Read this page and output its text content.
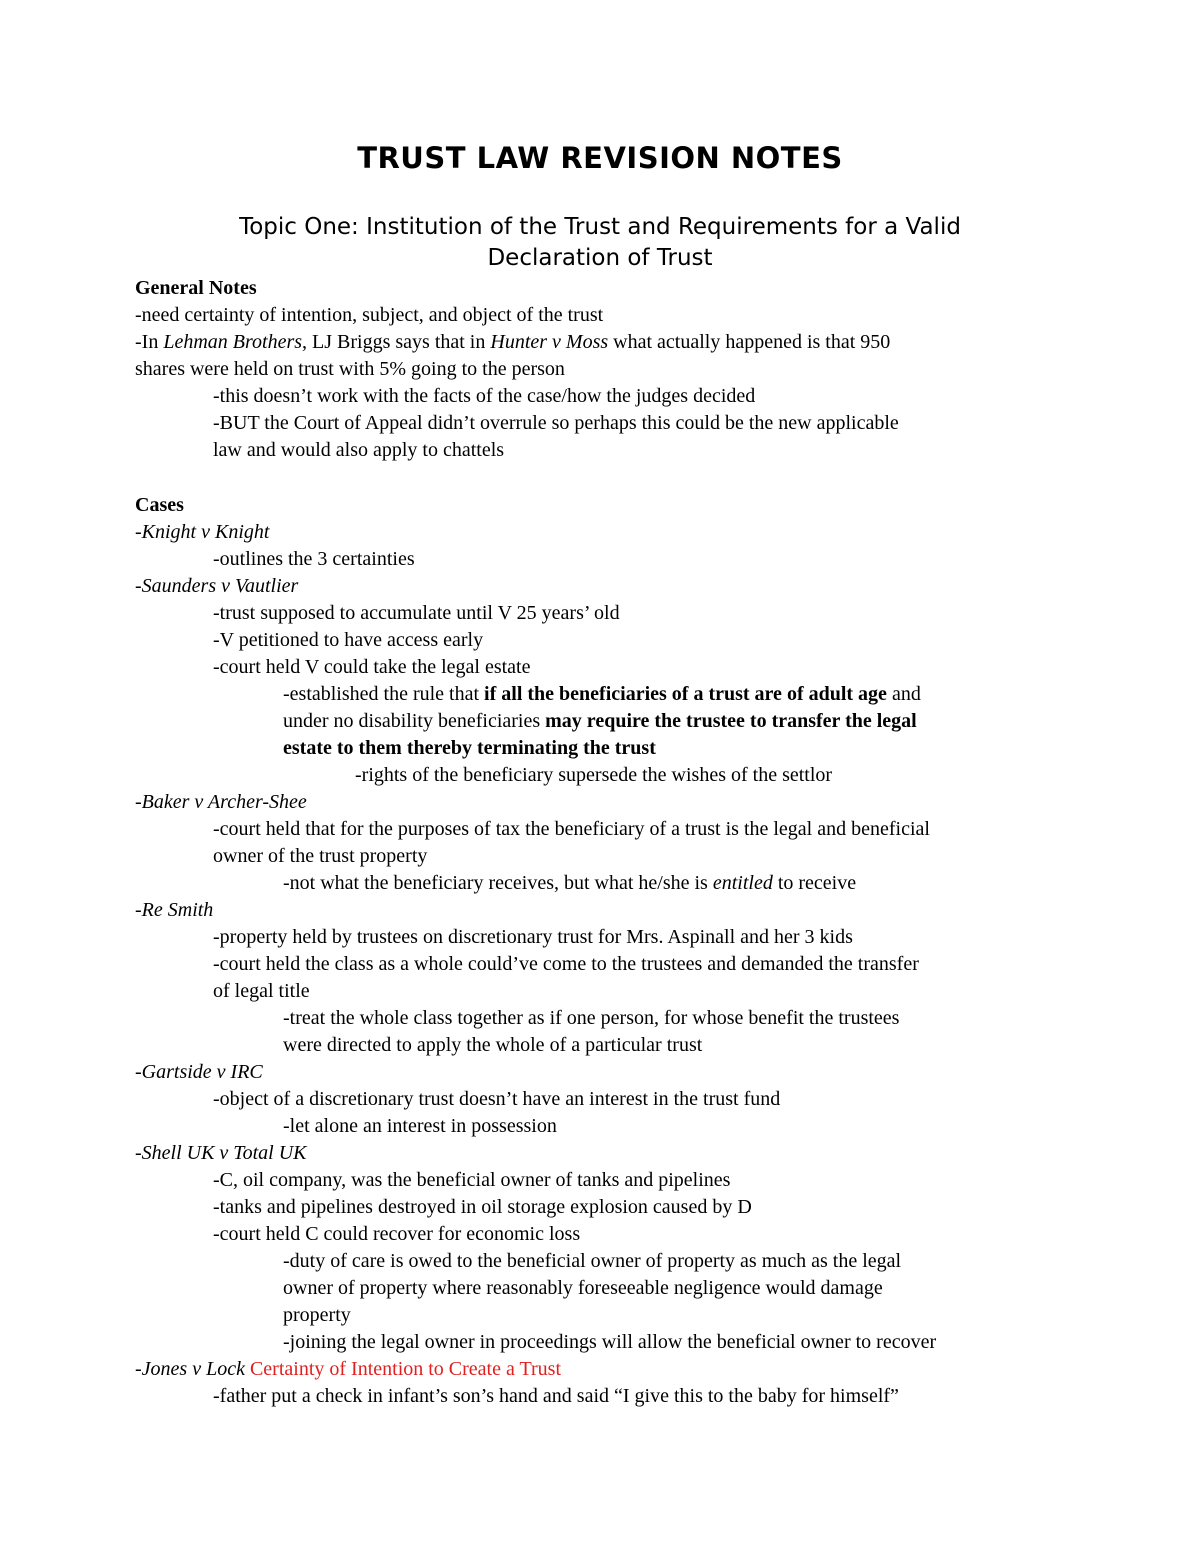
TRUST LAW REVISION NOTES
Topic One: Institution of the Trust and Requirements for a Valid
Declaration of Trust
General Notes
-need certainty of intention, subject, and object of the trust
-In Lehman Brothers, LJ Briggs says that in Hunter v Moss what actually happened is that 950
shares were held on trust with 5% going to the person
-this doesn’t work with the facts of the case/how the judges decided
-BUT the Court of Appeal didn’t overrule so perhaps this could be the new applicable
law and would also apply to chattels
Cases
-Knight v Knight
-outlines the 3 certainties
-Saunders v Vautlier
-trust supposed to accumulate until V 25 years’ old
-V petitioned to have access early
-court held V could take the legal estate
-established the rule that if all the beneficiaries of a trust are of adult age and
under no disability beneficiaries may require the trustee to transfer the legal
estate to them thereby terminating the trust
-rights of the beneficiary supersede the wishes of the settlor
-Baker v Archer-Shee
-court held that for the purposes of tax the beneficiary of a trust is the legal and beneficial
owner of the trust property
-not what the beneficiary receives, but what he/she is entitled to receive
-Re Smith
-property held by trustees on discretionary trust for Mrs. Aspinall and her 3 kids
-court held the class as a whole could’ve come to the trustees and demanded the transfer
of legal title
-treat the whole class together as if one person, for whose benefit the trustees
were directed to apply the whole of a particular trust
-Gartside v IRC
-object of a discretionary trust doesn’t have an interest in the trust fund
-let alone an interest in possession
-Shell UK v Total UK
-C, oil company, was the beneficial owner of tanks and pipelines
-tanks and pipelines destroyed in oil storage explosion caused by D
-court held C could recover for economic loss
-duty of care is owed to the beneficial owner of property as much as the legal
owner of property where reasonably foreseeable negligence would damage
property
-joining the legal owner in proceedings will allow the beneficial owner to recover
-Jones v Lock Certainty of Intention to Create a Trust
-father put a check in infant’s son’s hand and said “I give this to the baby for himself”
